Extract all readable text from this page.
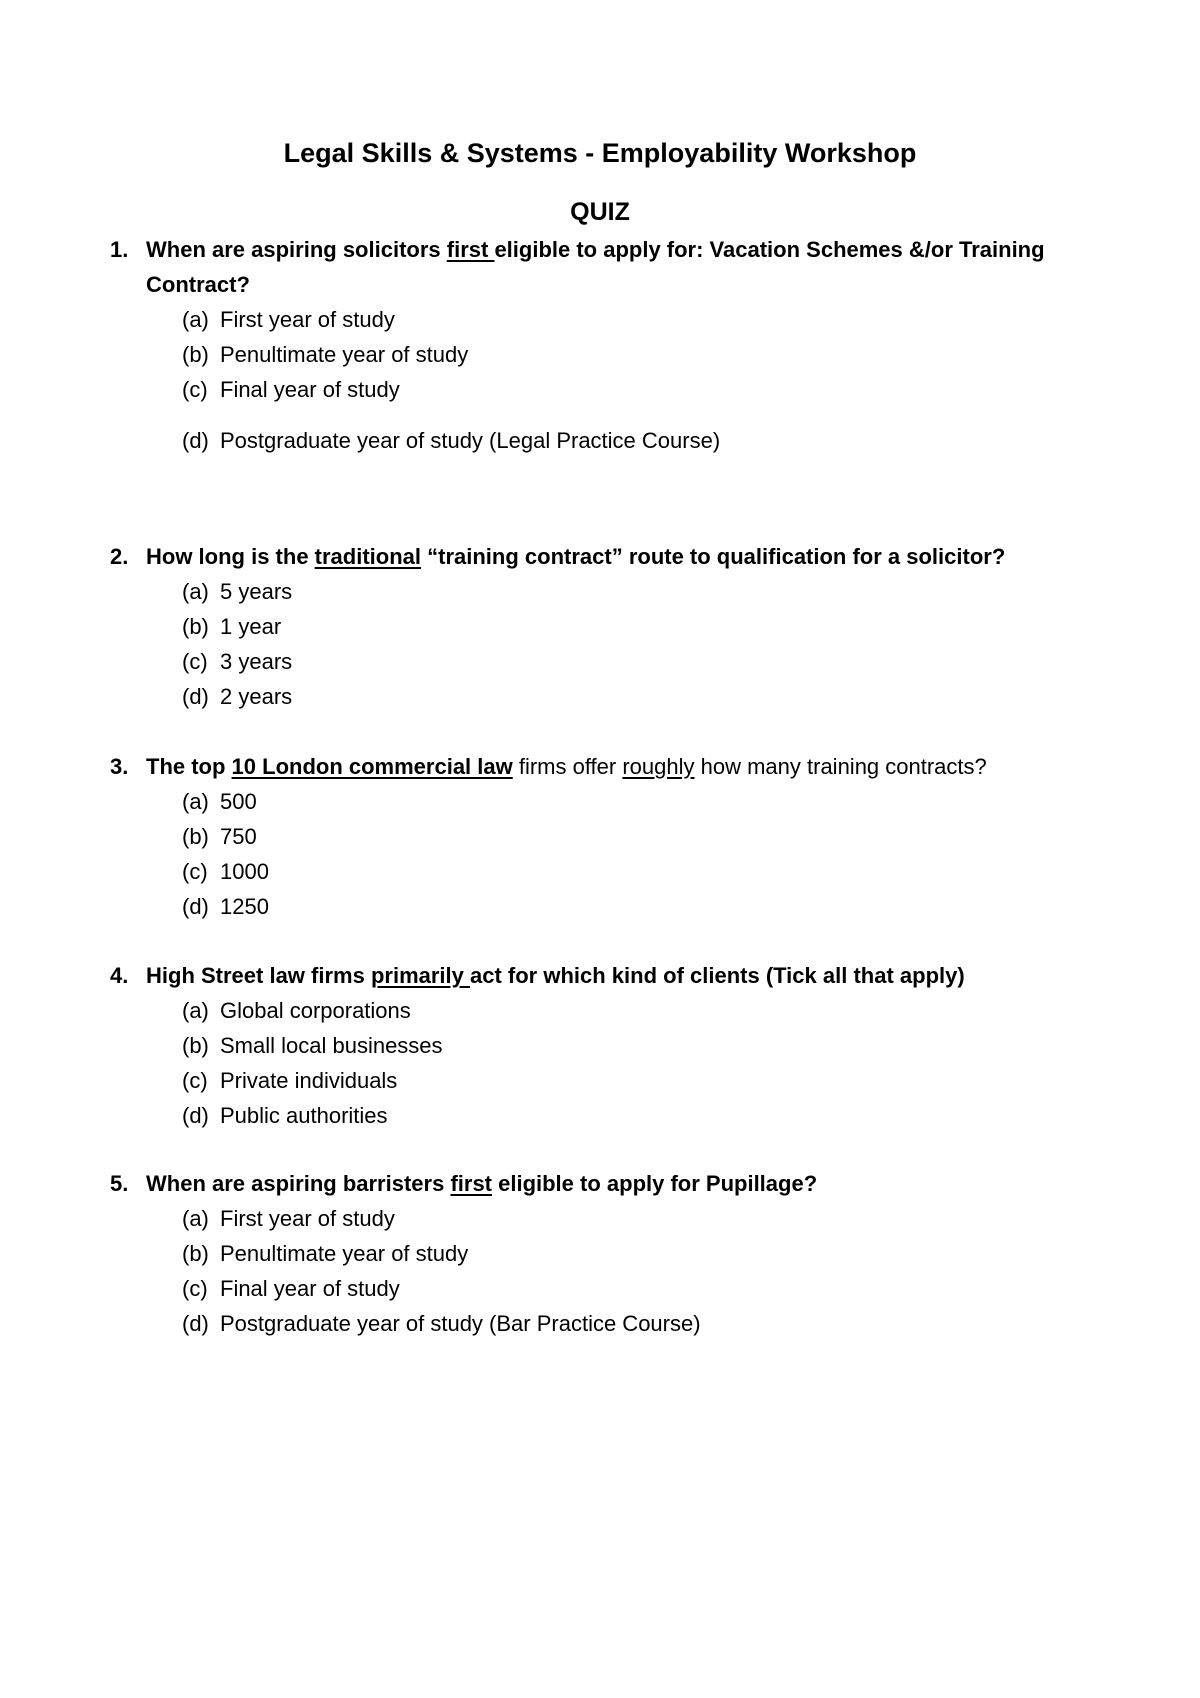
Legal Skills & Systems - Employability Workshop
QUIZ
1. When are aspiring solicitors first eligible to apply for: Vacation Schemes &/or Training Contract?
(a) First year of study
(b) Penultimate year of study
(c) Final year of study
(d) Postgraduate year of study (Legal Practice Course)
2. How long is the traditional “training contract” route to qualification for a solicitor?
(a) 5 years
(b) 1 year
(c) 3 years
(d) 2 years
3. The top 10 London commercial law firms offer roughly how many training contracts?
(a) 500
(b) 750
(c) 1000
(d) 1250
4. High Street law firms primarily act for which kind of clients (Tick all that apply)
(a) Global corporations
(b) Small local businesses
(c) Private individuals
(d) Public authorities
5. When are aspiring barristers first eligible to apply for Pupillage?
(a) First year of study
(b) Penultimate year of study
(c) Final year of study
(d) Postgraduate year of study (Bar Practice Course)
